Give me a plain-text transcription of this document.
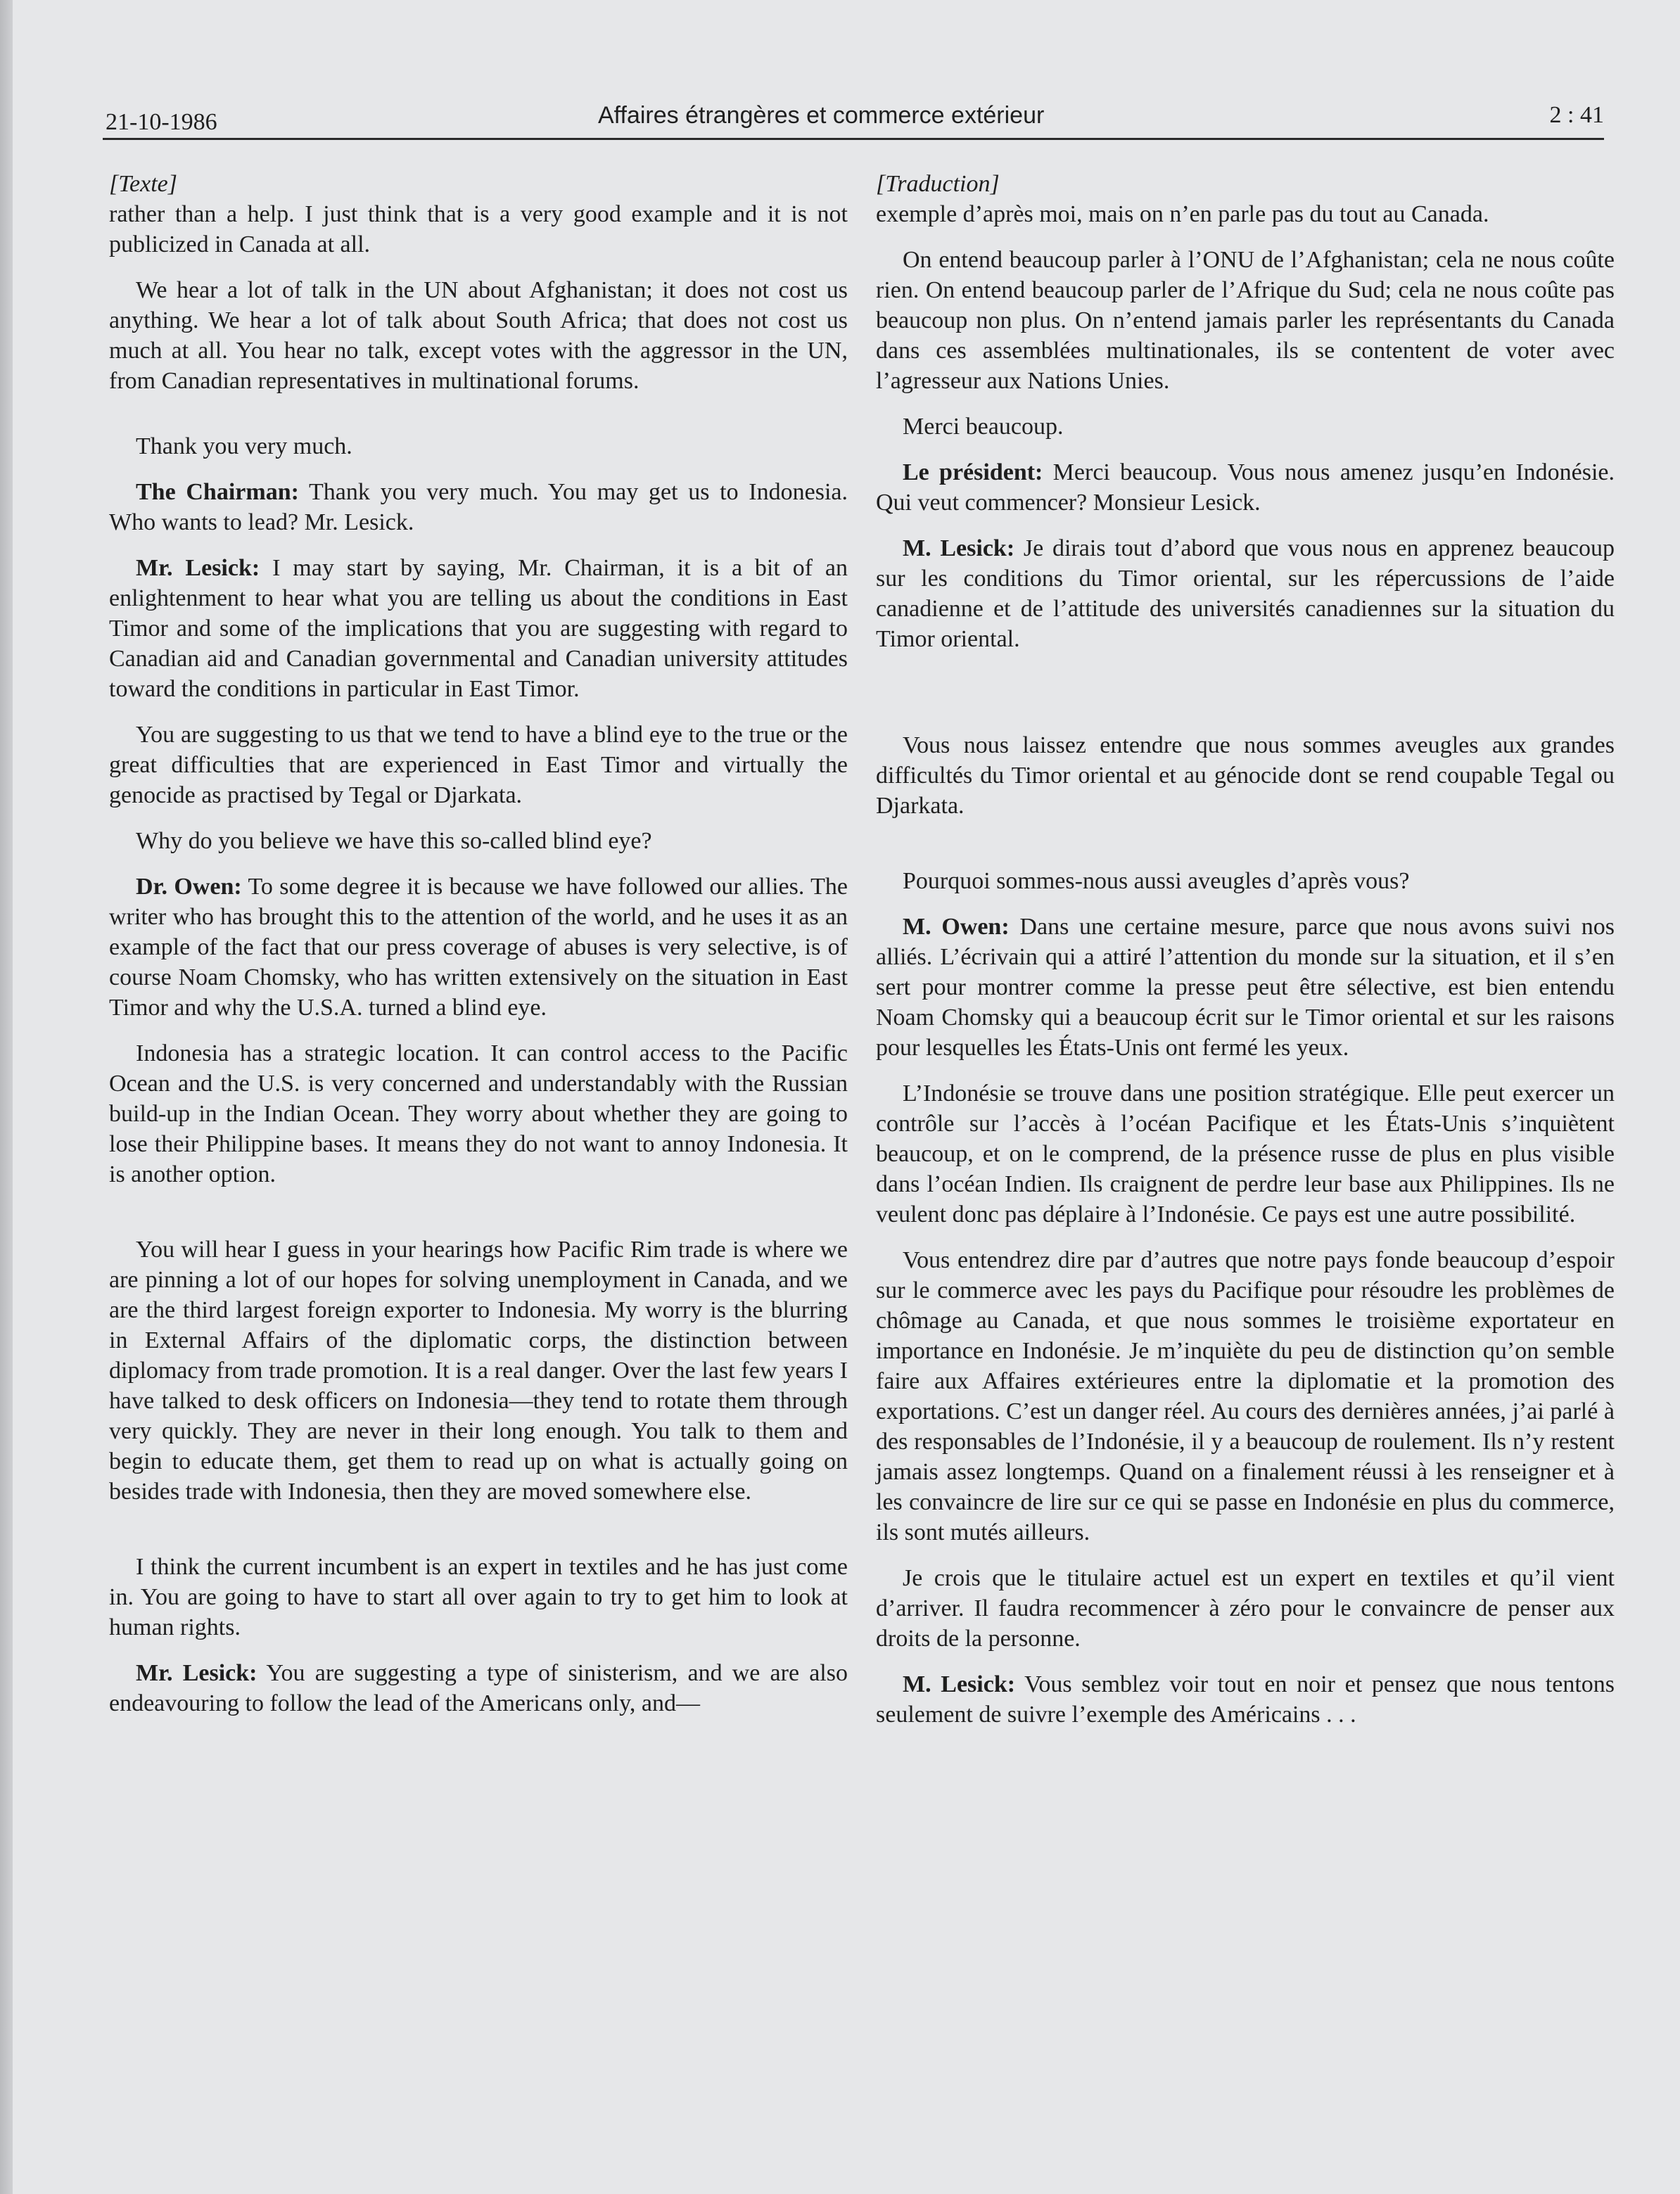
21-10-1986	Affaires étrangères et commerce extérieur	2 : 41

[Texte]

rather than a help. I just think that is a very good example and it is not publicized in Canada at all.

We hear a lot of talk in the UN about Afghanistan; it does not cost us anything. We hear a lot of talk about South Africa; that does not cost us much at all. You hear no talk, except votes with the aggressor in the UN, from Canadian representatives in multinational forums.

Thank you very much.

The Chairman: Thank you very much. You may get us to Indonesia. Who wants to lead? Mr. Lesick.

Mr. Lesick: I may start by saying, Mr. Chairman, it is a bit of an enlightenment to hear what you are telling us about the conditions in East Timor and some of the implications that you are suggesting with regard to Canadian aid and Canadian governmental and Canadian university attitudes toward the conditions in particular in East Timor.

You are suggesting to us that we tend to have a blind eye to the true or the great difficulties that are experienced in East Timor and virtually the genocide as practised by Tegal or Djarkata.

Why do you believe we have this so-called blind eye?

Dr. Owen: To some degree it is because we have followed our allies. The writer who has brought this to the attention of the world, and he uses it as an example of the fact that our press coverage of abuses is very selective, is of course Noam Chomsky, who has written extensively on the situation in East Timor and why the U.S.A. turned a blind eye.

Indonesia has a strategic location. It can control access to the Pacific Ocean and the U.S. is very concerned and understandably with the Russian build-up in the Indian Ocean. They worry about whether they are going to lose their Philippine bases. It means they do not want to annoy Indonesia. It is another option.

You will hear I guess in your hearings how Pacific Rim trade is where we are pinning a lot of our hopes for solving unemployment in Canada, and we are the third largest foreign exporter to Indonesia. My worry is the blurring in External Affairs of the diplomatic corps, the distinction between diplomacy from trade promotion. It is a real danger. Over the last few years I have talked to desk officers on Indonesia—they tend to rotate them through very quickly. They are never in their long enough. You talk to them and begin to educate them, get them to read up on what is actually going on besides trade with Indonesia, then they are moved somewhere else.

I think the current incumbent is an expert in textiles and he has just come in. You are going to have to start all over again to try to get him to look at human rights.

Mr. Lesick: You are suggesting a type of sinisterism, and we are also endeavouring to follow the lead of the Americans only, and—

[Traduction]

exemple d’après moi, mais on n’en parle pas du tout au Canada.

On entend beaucoup parler à l’ONU de l’Afghanistan; cela ne nous coûte rien. On entend beaucoup parler de l’Afrique du Sud; cela ne nous coûte pas beaucoup non plus. On n’entend jamais parler les représentants du Canada dans ces assemblées multinationales, ils se contentent de voter avec l’agresseur aux Nations Unies.

Merci beaucoup.

Le président: Merci beaucoup. Vous nous amenez jusqu’en Indonésie. Qui veut commencer? Monsieur Lesick.

M. Lesick: Je dirais tout d’abord que vous nous en apprenez beaucoup sur les conditions du Timor oriental, sur les répercussions de l’aide canadienne et de l’attitude des universités canadiennes sur la situation du Timor oriental.

Vous nous laissez entendre que nous sommes aveugles aux grandes difficultés du Timor oriental et au génocide dont se rend coupable Tegal ou Djarkata.

Pourquoi sommes-nous aussi aveugles d’après vous?

M. Owen: Dans une certaine mesure, parce que nous avons suivi nos alliés. L’écrivain qui a attiré l’attention du monde sur la situation, et il s’en sert pour montrer comme la presse peut être sélective, est bien entendu Noam Chomsky qui a beaucoup écrit sur le Timor oriental et sur les raisons pour lesquelles les États-Unis ont fermé les yeux.

L’Indonésie se trouve dans une position stratégique. Elle peut exercer un contrôle sur l’accès à l’océan Pacifique et les États-Unis s’inquiètent beaucoup, et on le comprend, de la présence russe de plus en plus visible dans l’océan Indien. Ils craignent de perdre leur base aux Philippines. Ils ne veulent donc pas déplaire à l’Indonésie. Ce pays est une autre possibilité.

Vous entendrez dire par d’autres que notre pays fonde beaucoup d’espoir sur le commerce avec les pays du Pacifique pour résoudre les problèmes de chômage au Canada, et que nous sommes le troisième exportateur en importance en Indonésie. Je m’inquiète du peu de distinction qu’on semble faire aux Affaires extérieures entre la diplomatie et la promotion des exportations. C’est un danger réel. Au cours des dernières années, j’ai parlé à des responsables de l’Indonésie, il y a beaucoup de roulement. Ils n’y restent jamais assez longtemps. Quand on a finalement réussi à les renseigner et à les convaincre de lire sur ce qui se passe en Indonésie en plus du commerce, ils sont mutés ailleurs.

Je crois que le titulaire actuel est un expert en textiles et qu’il vient d’arriver. Il faudra recommencer à zéro pour le convaincre de penser aux droits de la personne.

M. Lesick: Vous semblez voir tout en noir et pensez que nous tentons seulement de suivre l’exemple des Américains . . .
